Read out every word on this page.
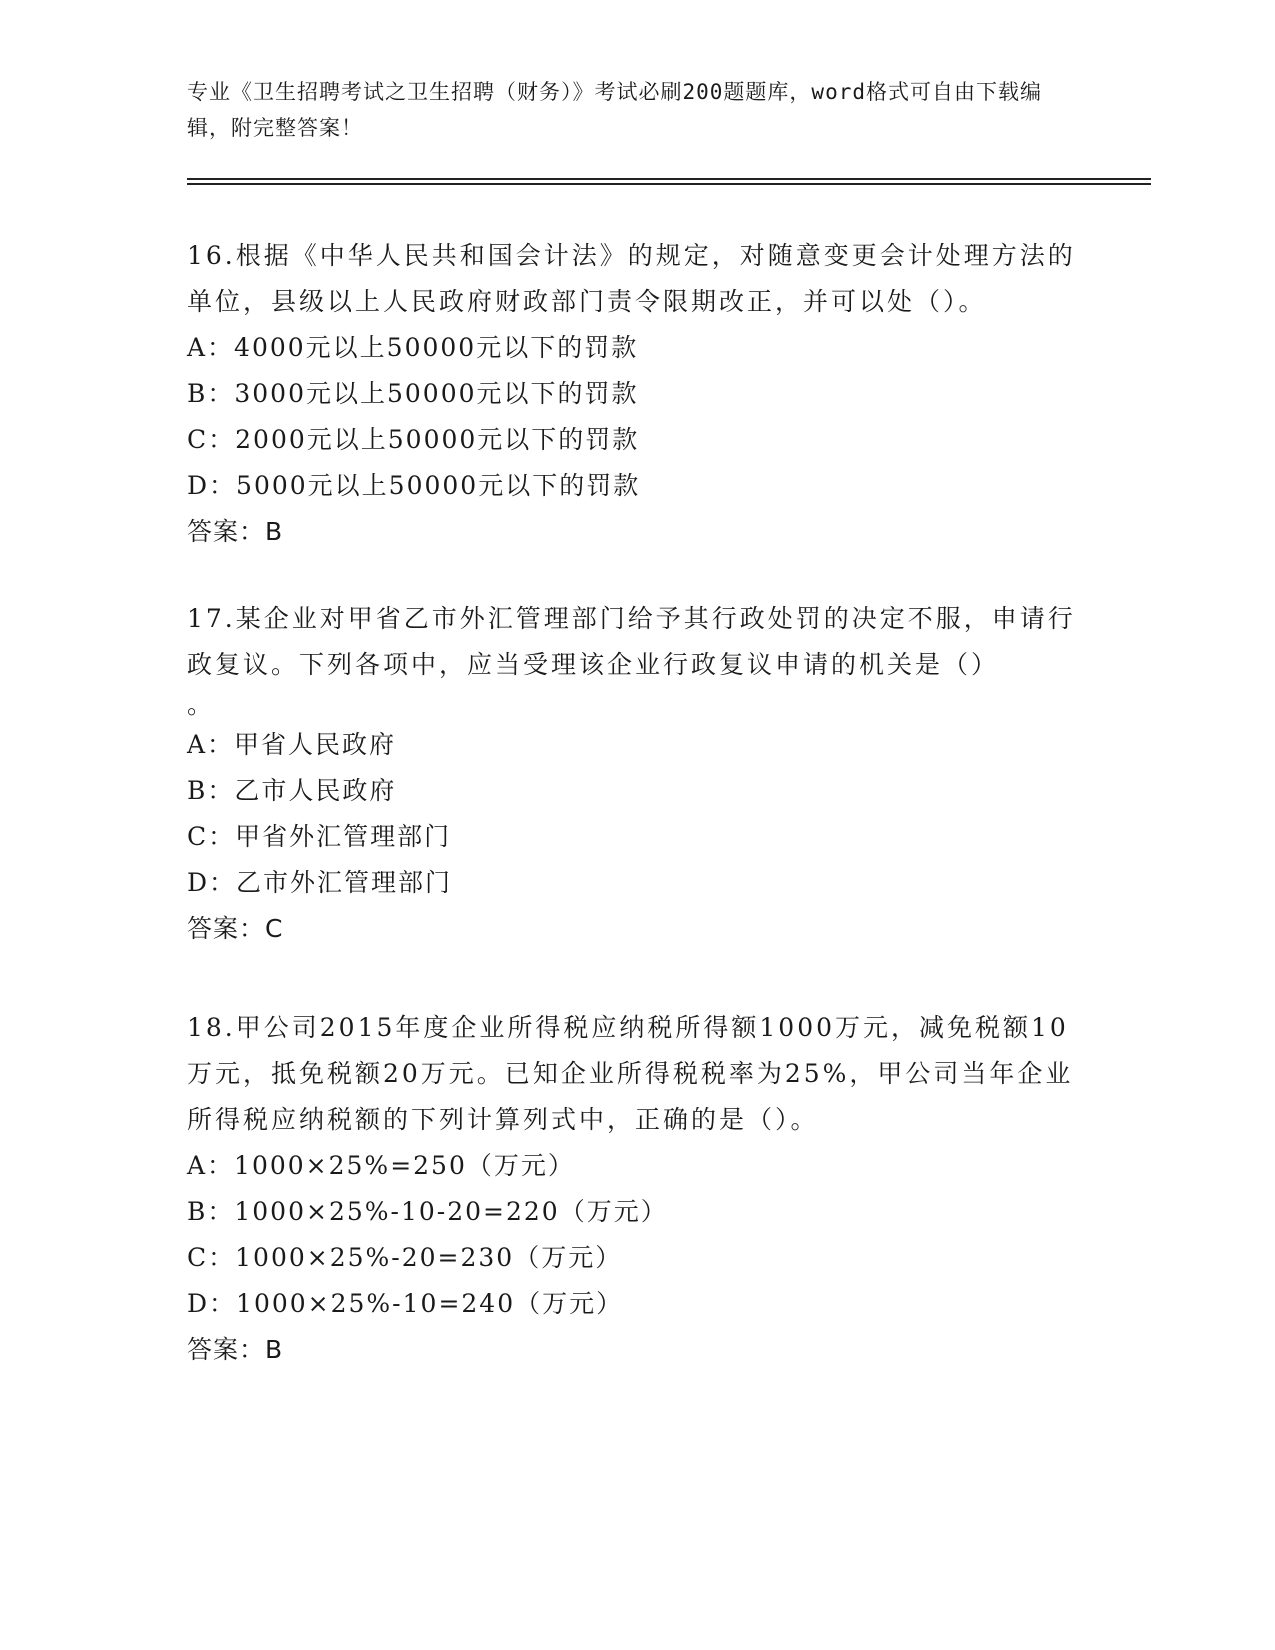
专业《卫生招聘考试之卫生招聘（财务）》考试必刷200题题库，word格式可自由下载编辑，附完整答案！

16.根据《中华人民共和国会计法》的规定，对随意变更会计处理方法的单位，县级以上人民政府财政部门责令限期改正，并可以处（）。

A：4000元以上50000元以下的罚款

B：3000元以上50000元以下的罚款

C：2000元以上50000元以下的罚款

D：5000元以上50000元以下的罚款

答案：B

17.某企业对甲省乙市外汇管理部门给予其行政处罚的决定不服，申请行政复议。下列各项中，应当受理该企业行政复议申请的机关是（）

。

A：甲省人民政府

B：乙市人民政府

C：甲省外汇管理部门

D：乙市外汇管理部门

答案：C

18.甲公司2015年度企业所得税应纳税所得额1000万元，减免税额10万元，抵免税额20万元。已知企业所得税税率为25%，甲公司当年企业所得税应纳税额的下列计算列式中，正确的是（）。

A：1000×25%=250（万元）

B：1000×25%-10-20=220（万元）

C：1000×25%-20=230（万元）

D：1000×25%-10=240（万元）

答案：B
